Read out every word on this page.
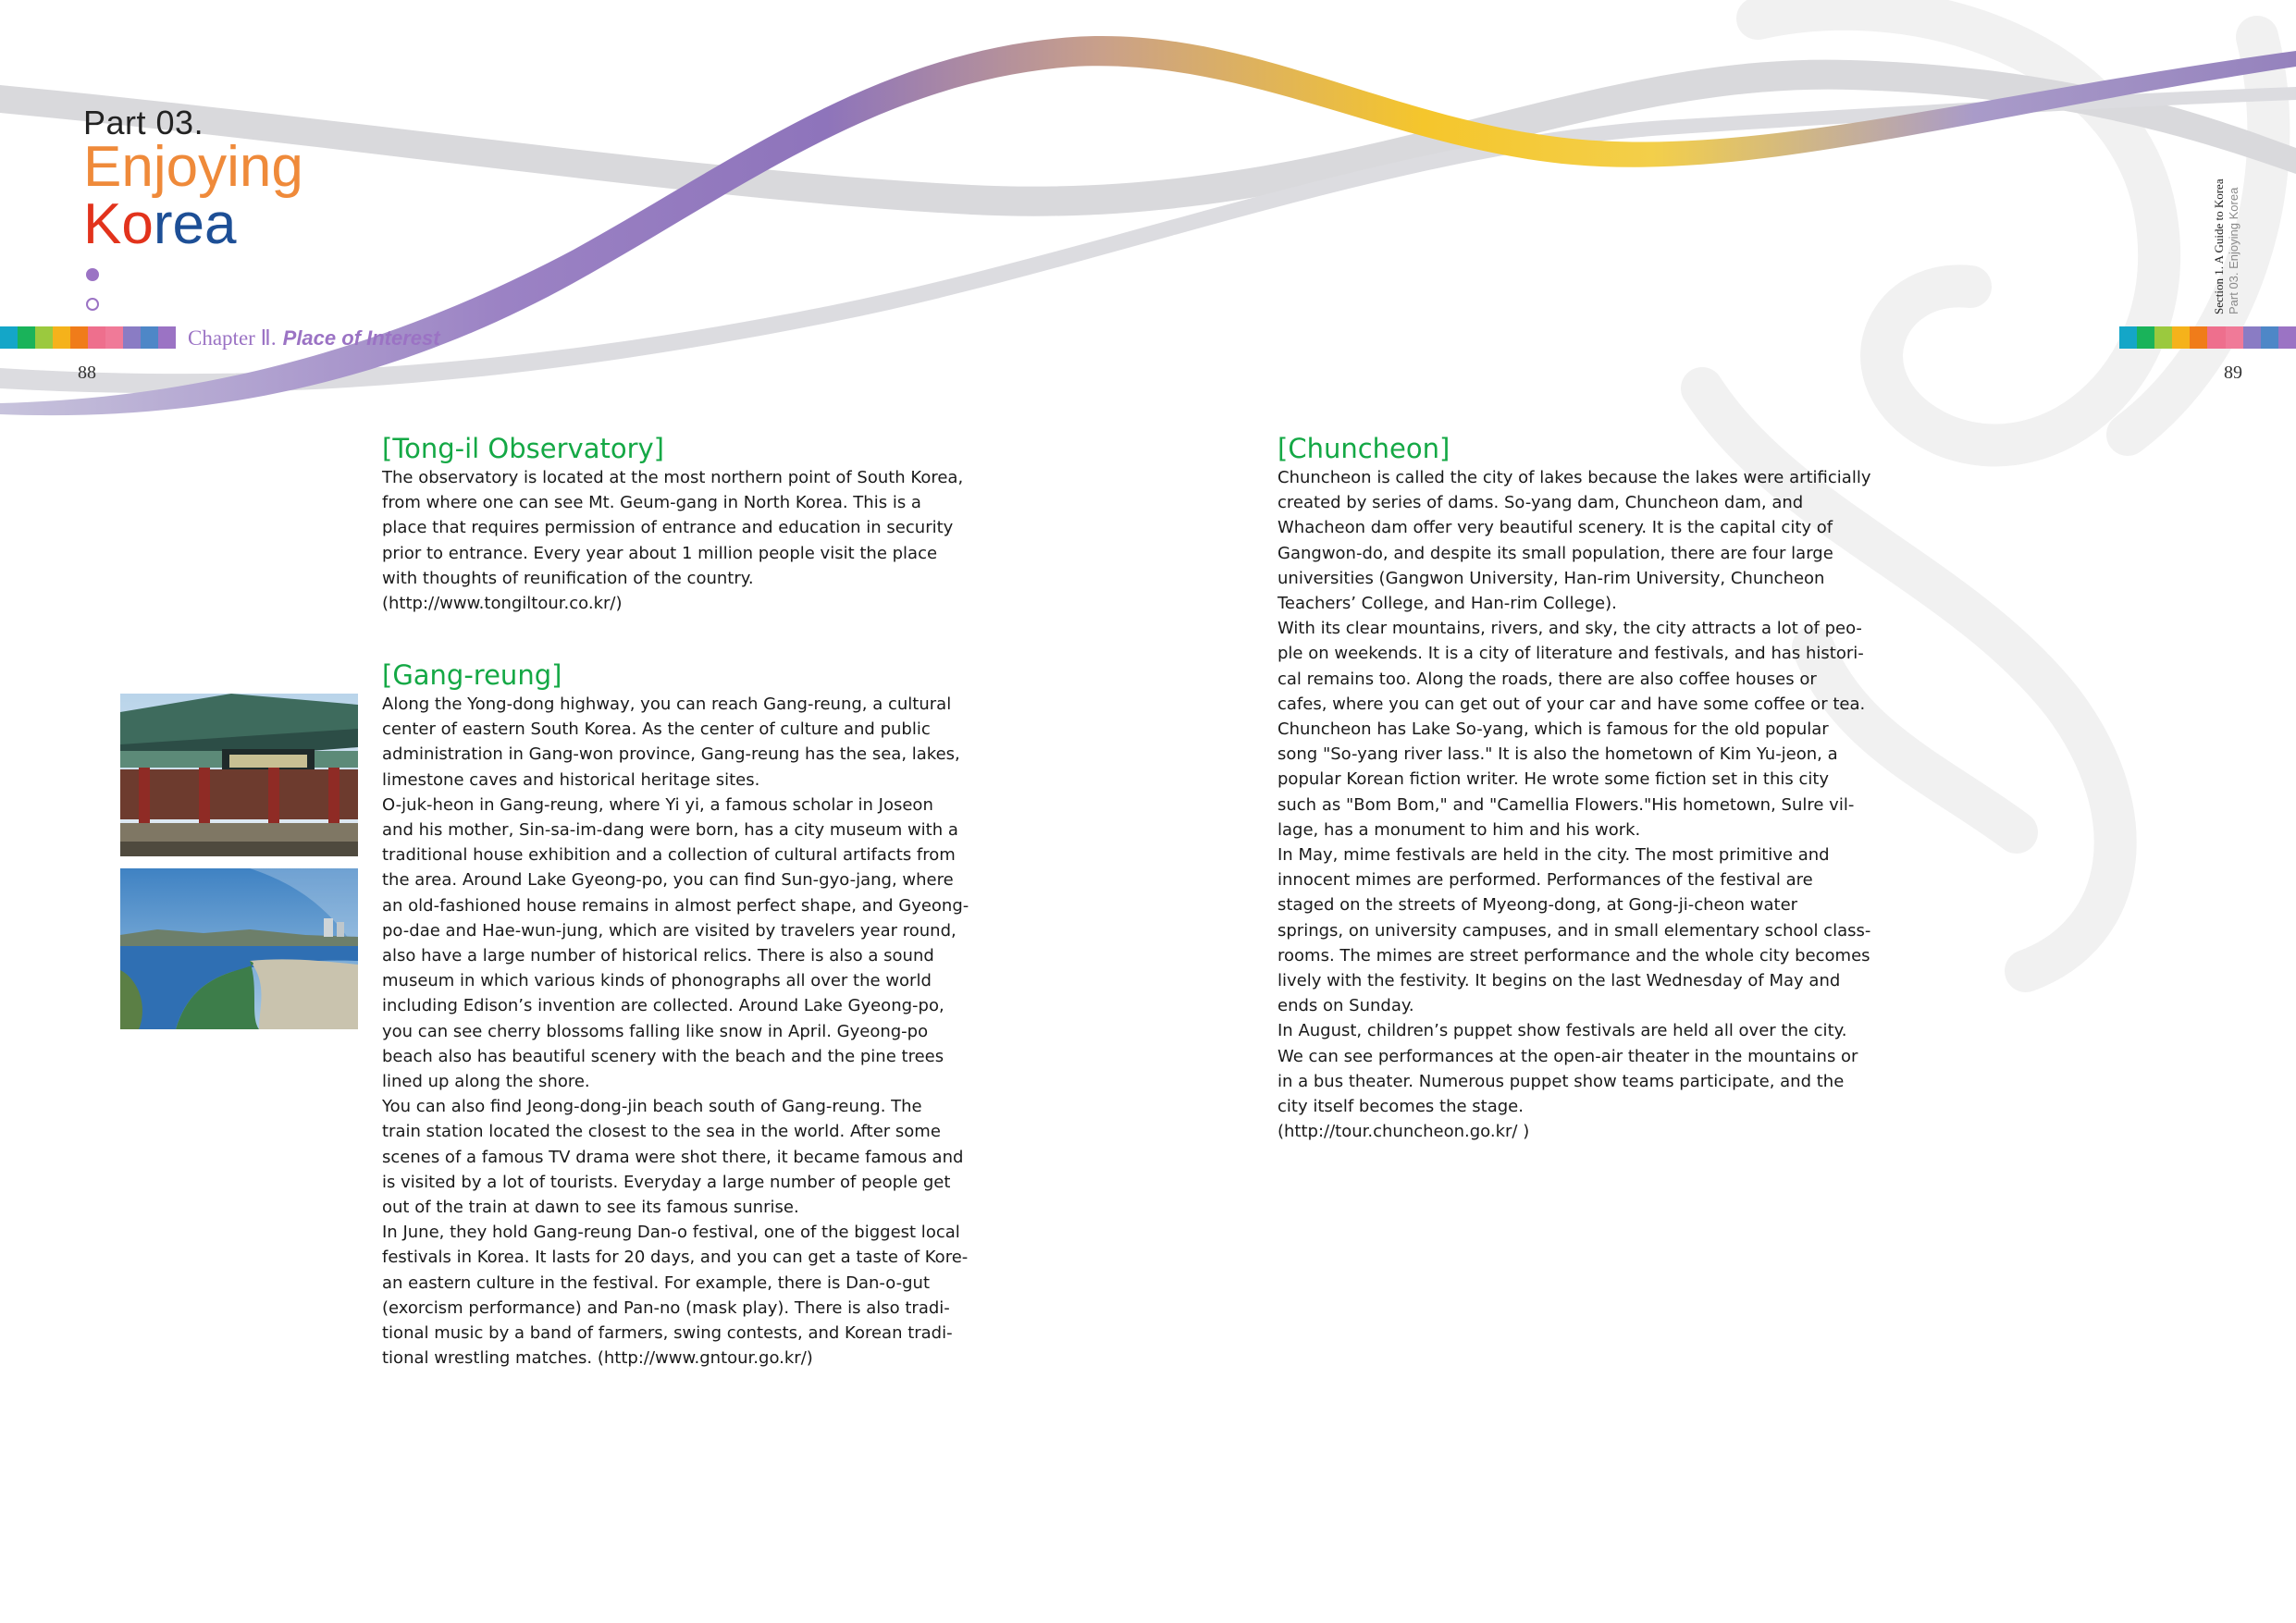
Part 03.
Enjoying
Korea
Chapter Ⅱ. Place of Interest
88
Section 1. A Guide to Korea Part 03. Enjoying Korea
89
[Tong-il Observatory]

The observatory is located at the most northern point of South Korea,

from where one can see Mt. Geum-gang in North Korea. This is a

place that requires permission of entrance and education in security

prior to entrance. Every year about 1 million people visit the place

with thoughts of reunification of the country.

(http://www.tongiltour.co.kr/)

[Gang-reung]

Along the Yong-dong highway, you can reach Gang-reung, a cultural

center of eastern South Korea. As the center of culture and public

administration in Gang-won province, Gang-reung has the sea, lakes,

limestone caves and historical heritage sites.

O-juk-heon in Gang-reung, where Yi yi, a famous scholar in Joseon

and his mother, Sin-sa-im-dang were born, has a city museum with a

traditional house exhibition and a collection of cultural artifacts from

the area. Around Lake Gyeong-po, you can find Sun-gyo-jang, where

an old-fashioned house remains in almost perfect shape, and Gyeong-

po-dae and Hae-wun-jung, which are visited by travelers year round,

also have a large number of historical relics. There is also a sound

museum in which various kinds of phonographs all over the world

including Edison’s invention are collected. Around Lake Gyeong-po,

you can see cherry blossoms falling like snow in April. Gyeong-po

beach also has beautiful scenery with the beach and the pine trees

lined up along the shore.

You can also find Jeong-dong-jin beach south of Gang-reung. The

train station located the closest to the sea in the world. After some

scenes of a famous TV drama were shot there, it became famous and

is visited by a lot of tourists. Everyday a large number of people get

out of the train at dawn to see its famous sunrise.

In June, they hold Gang-reung Dan-o festival, one of the biggest local

festivals in Korea. It lasts for 20 days, and you can get a taste of Kore-

an eastern culture in the festival. For example, there is Dan-o-gut

(exorcism performance) and Pan-no (mask play). There is also tradi-

tional music by a band of farmers, swing contests, and Korean tradi-

tional wrestling matches. (http://www.gntour.go.kr/)

[Chuncheon]

Chuncheon is called the city of lakes because the lakes were artificially

created by series of dams. So-yang dam, Chuncheon dam, and

Whacheon dam offer very beautiful scenery. It is the capital city of

Gangwon-do, and despite its small population, there are four large

universities (Gangwon University, Han-rim University, Chuncheon

Teachers’ College, and Han-rim College).

With its clear mountains, rivers, and sky, the city attracts a lot of peo-

ple on weekends. It is a city of literature and festivals, and has histori-

cal remains too. Along the roads, there are also coffee houses or

cafes, where you can get out of your car and have some coffee or tea.

Chuncheon has Lake So-yang, which is famous for the old popular

song "So-yang river lass." It is also the hometown of Kim Yu-jeon, a

popular Korean fiction writer. He wrote some fiction set in this city

such as "Bom Bom," and "Camellia Flowers."His hometown, Sulre vil-

lage, has a monument to him and his work.

In May, mime festivals are held in the city. The most primitive and

innocent mimes are performed. Performances of the festival are

staged on the streets of Myeong-dong, at Gong-ji-cheon water

springs, on university campuses, and in small elementary school class-

rooms. The mimes are street performance and the whole city becomes

lively with the festivity. It begins on the last Wednesday of May and

ends on Sunday.

In August, children’s puppet show festivals are held all over the city.

We can see performances at the open-air theater in the mountains or

in a bus theater. Numerous puppet show teams participate, and the

city itself becomes the stage.

(http://tour.chuncheon.go.kr/ )
